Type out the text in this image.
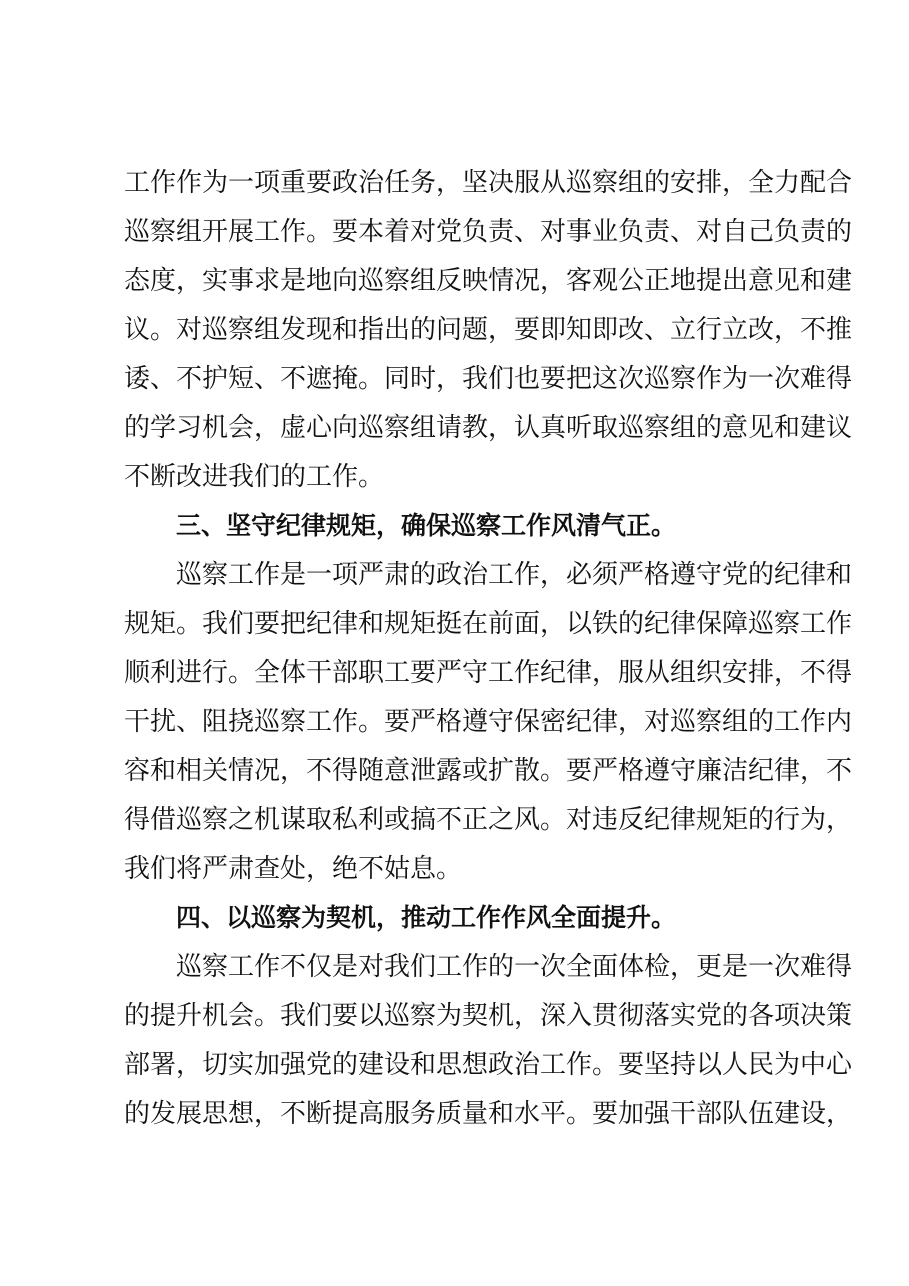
工作作为一项重要政治任务，坚决服从巡察组的安排，全力配合
巡察组开展工作。要本着对党负责、对事业负责、对自己负责的
态度，实事求是地向巡察组反映情况，客观公正地提出意见和建
议。对巡察组发现和指出的问题，要即知即改、立行立改，不推
诿、不护短、不遮掩。同时，我们也要把这次巡察作为一次难得
的学习机会，虚心向巡察组请教，认真听取巡察组的意见和建议
不断改进我们的工作。
三、坚守纪律规矩，确保巡察工作风清气正。
巡察工作是一项严肃的政治工作，必须严格遵守党的纪律和
规矩。我们要把纪律和规矩挺在前面，以铁的纪律保障巡察工作
顺利进行。全体干部职工要严守工作纪律，服从组织安排，不得
干扰、阻挠巡察工作。要严格遵守保密纪律，对巡察组的工作内
容和相关情况，不得随意泄露或扩散。要严格遵守廉洁纪律，不
得借巡察之机谋取私利或搞不正之风。对违反纪律规矩的行为，
我们将严肃查处，绝不姑息。
四、以巡察为契机，推动工作作风全面提升。
巡察工作不仅是对我们工作的一次全面体检，更是一次难得
的提升机会。我们要以巡察为契机，深入贯彻落实党的各项决策
部署，切实加强党的建设和思想政治工作。要坚持以人民为中心
的发展思想，不断提高服务质量和水平。要加强干部队伍建设，
